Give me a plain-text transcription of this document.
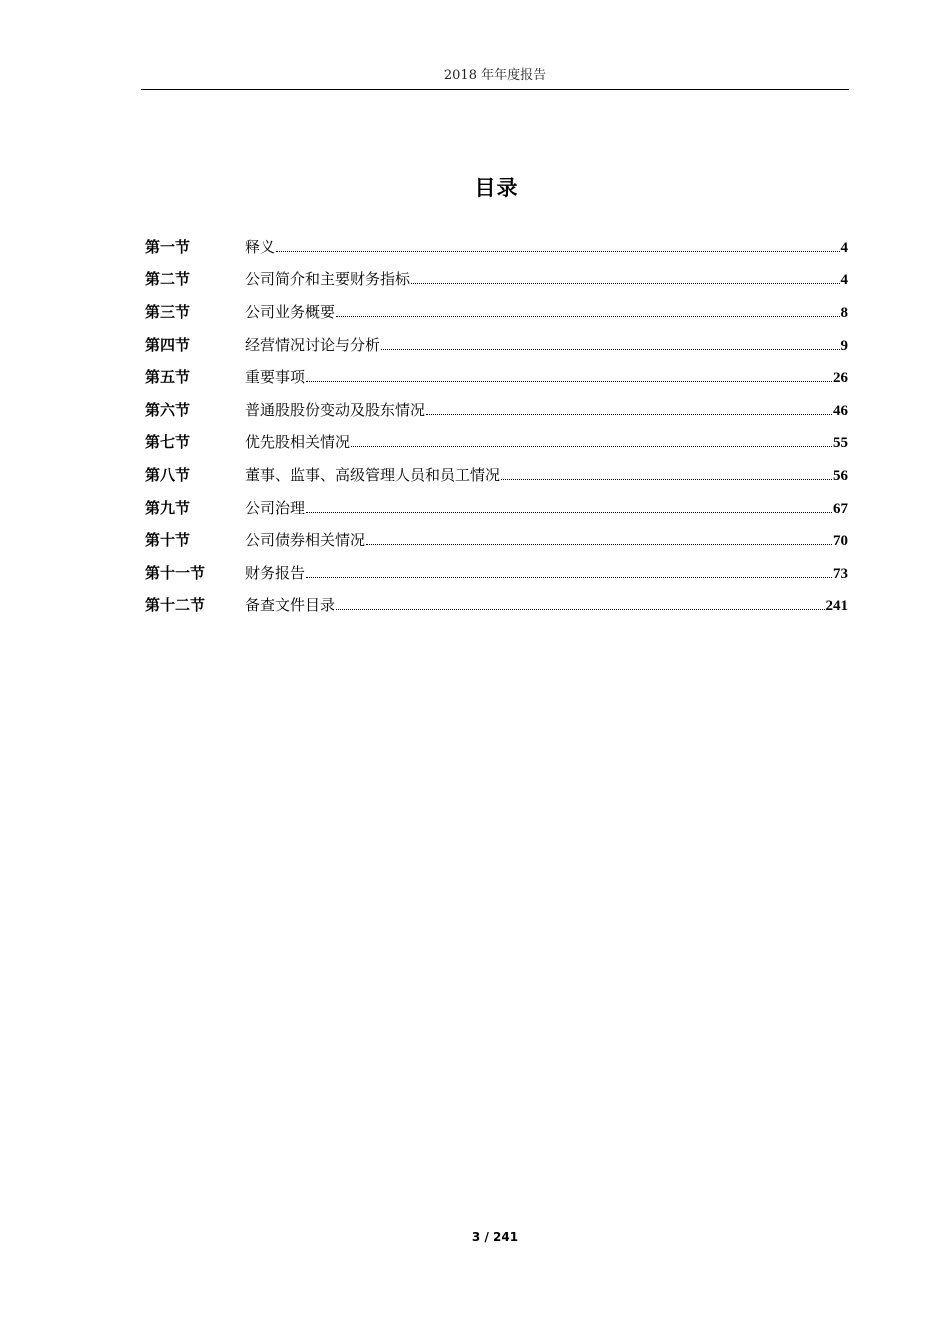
2018 年年度报告
目录
第一节	释义	4
第二节	公司简介和主要财务指标	4
第三节	公司业务概要	8
第四节	经营情况讨论与分析	9
第五节	重要事项	26
第六节	普通股股份变动及股东情况	46
第七节	优先股相关情况	55
第八节	董事、监事、高级管理人员和员工情况	56
第九节	公司治理	67
第十节	公司债券相关情况	70
第十一节	财务报告	73
第十二节	备查文件目录	241
3 / 241
